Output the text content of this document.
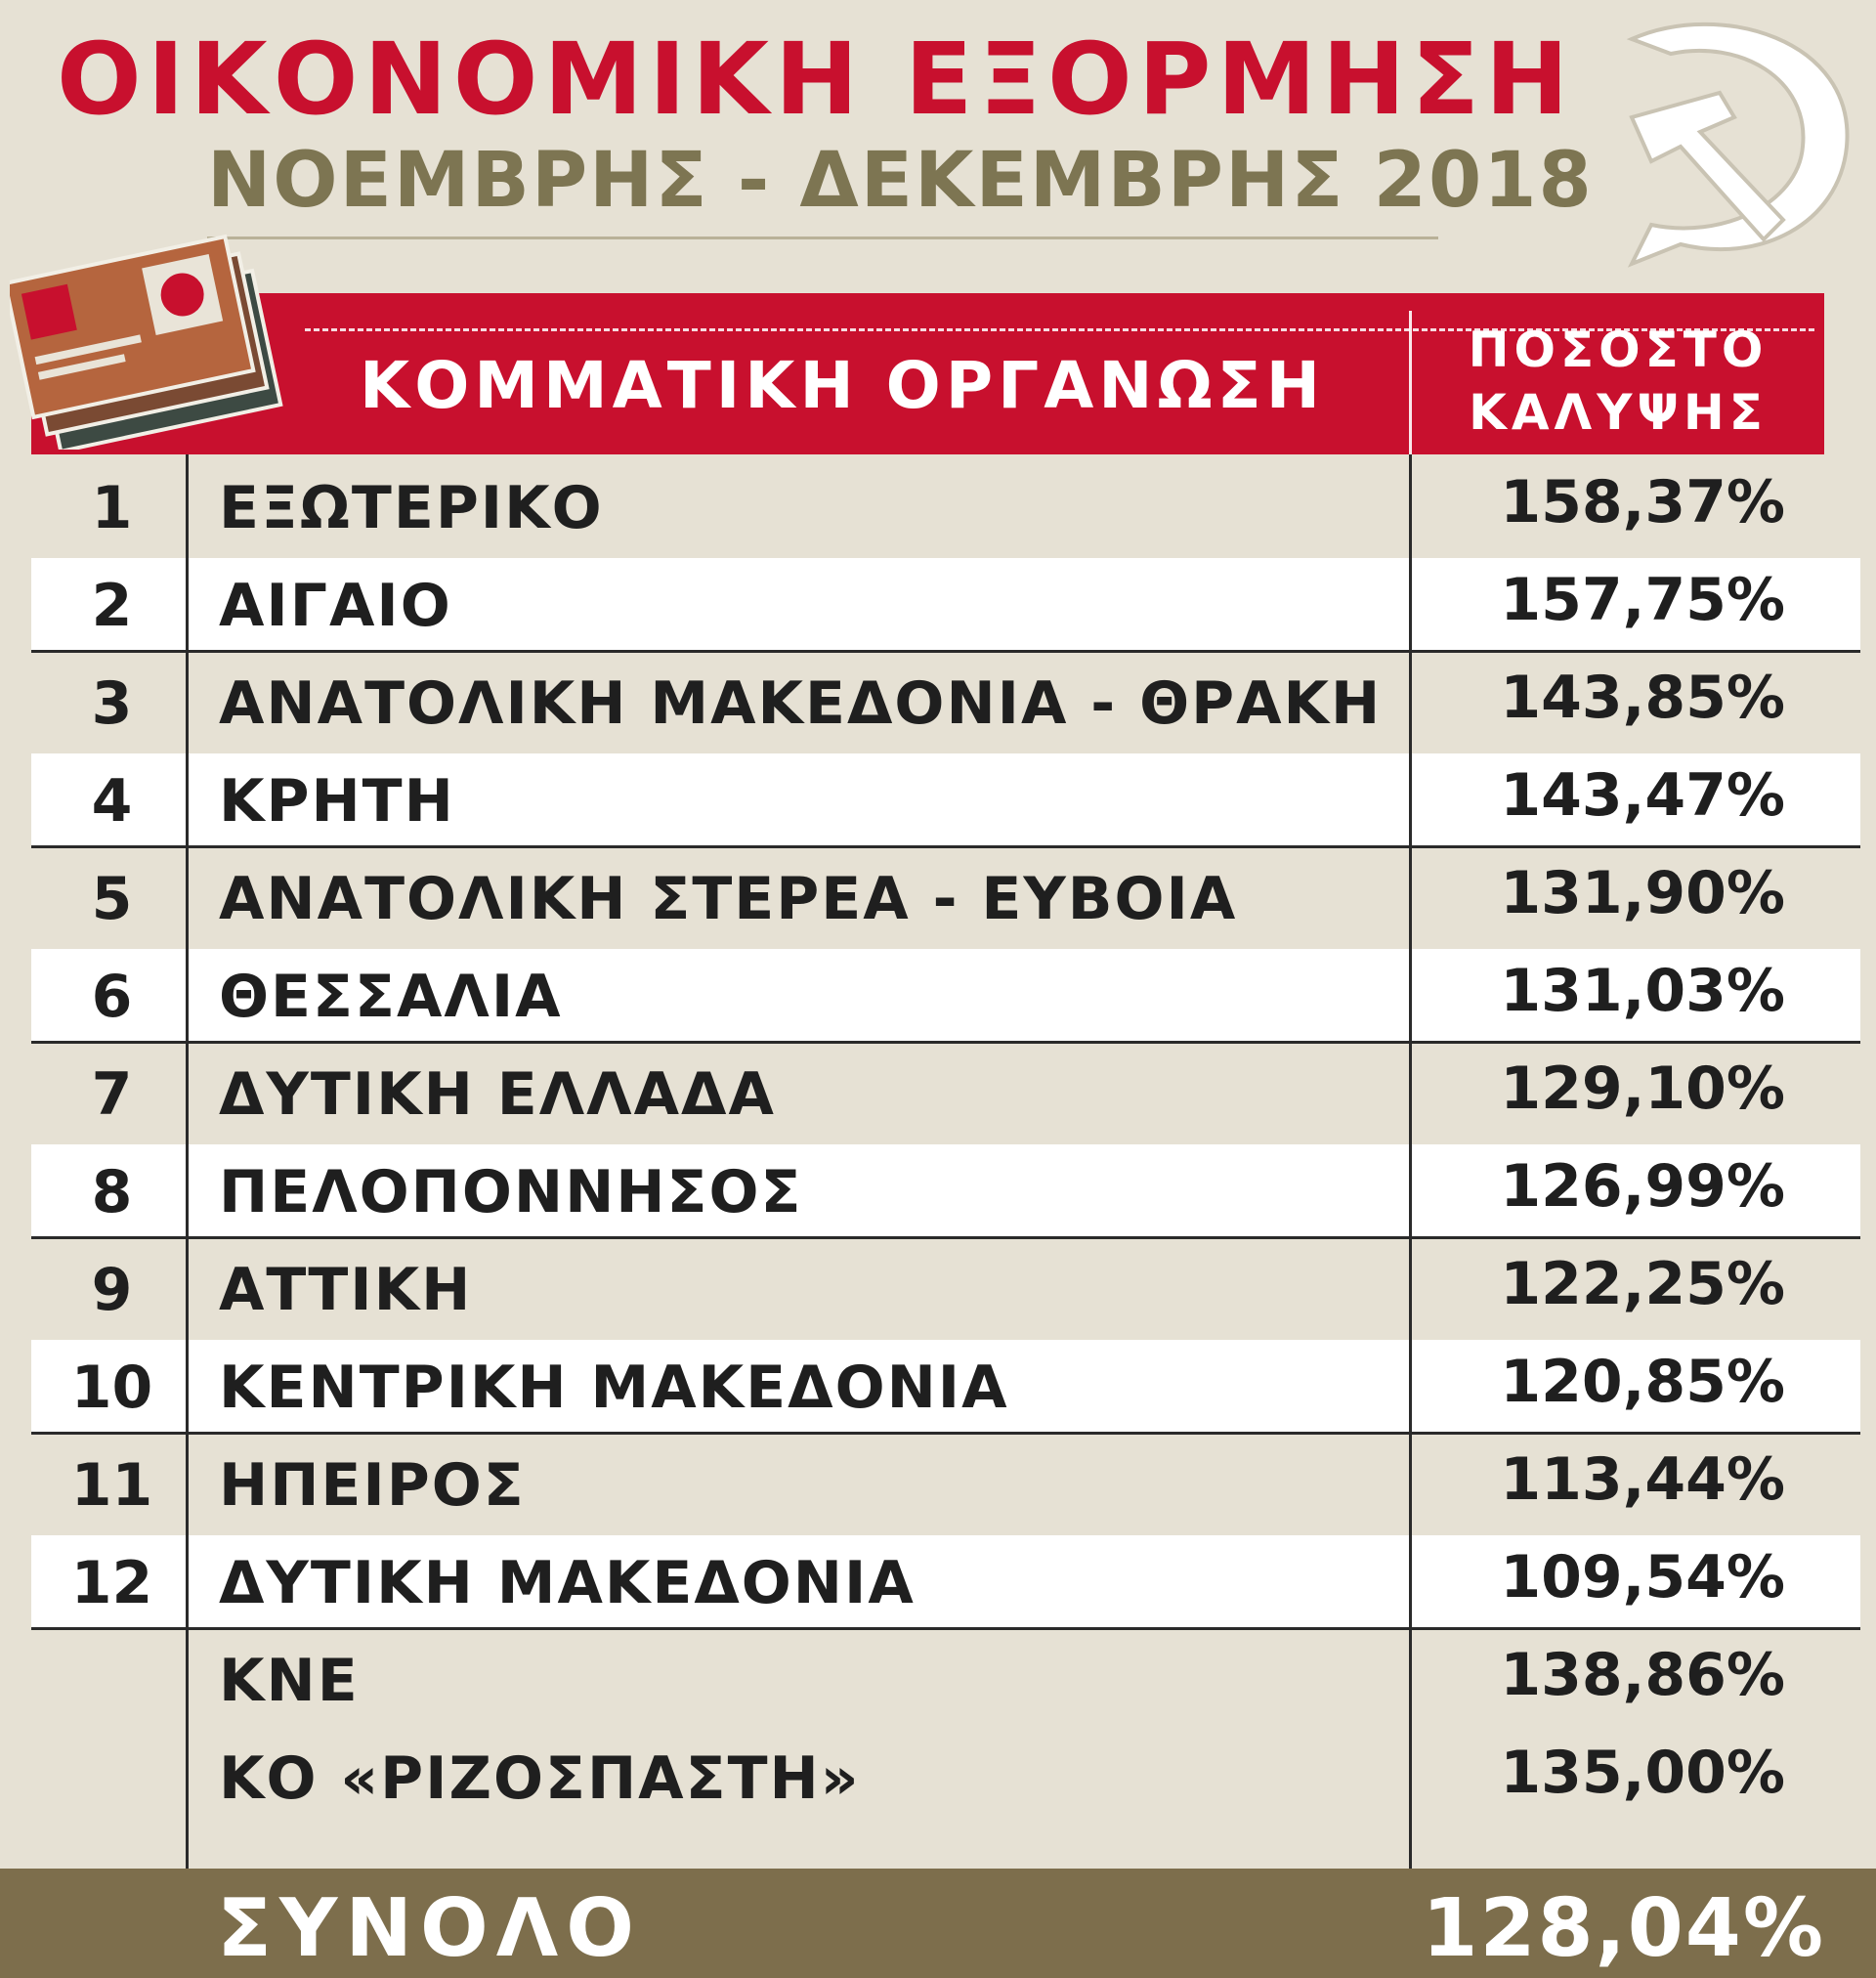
ΟΙΚΟΝΟΜΙΚΗ ΕΞΟΡΜΗΣΗ
ΝΟΕΜΒΡΗΣ - ΔΕΚΕΜΒΡΗΣ 2018
ΚΟΜΜΑΤΙΚΗ ΟΡΓΑΝΩΣΗ	ΠΟΣΟΣΤΟ
ΚΑΛΥΨΗΣ
1	ΕΞΩΤΕΡΙΚΟ	158,37%
2	ΑΙΓΑΙΟ	157,75%
3	ΑΝΑΤΟΛΙΚΗ ΜΑΚΕΔΟΝΙΑ - ΘΡΑΚΗ	143,85%
4	ΚΡΗΤΗ	143,47%
5	ΑΝΑΤΟΛΙΚΗ ΣΤΕΡΕΑ - ΕΥΒΟΙΑ	131,90%
6	ΘΕΣΣΑΛΙΑ	131,03%
7	ΔΥΤΙΚΗ ΕΛΛΑΔΑ	129,10%
8	ΠΕΛΟΠΟΝΝΗΣΟΣ	126,99%
9	ΑΤΤΙΚΗ	122,25%
10	ΚΕΝΤΡΙΚΗ ΜΑΚΕΔΟΝΙΑ	120,85%
11	ΗΠΕΙΡΟΣ	113,44%
12	ΔΥΤΙΚΗ ΜΑΚΕΔΟΝΙΑ	109,54%
ΚΝΕ	138,86%
ΚΟ «ΡΙΖΟΣΠΑΣΤΗ»	135,00%
ΣΥΝΟΛΟ	128,04%
